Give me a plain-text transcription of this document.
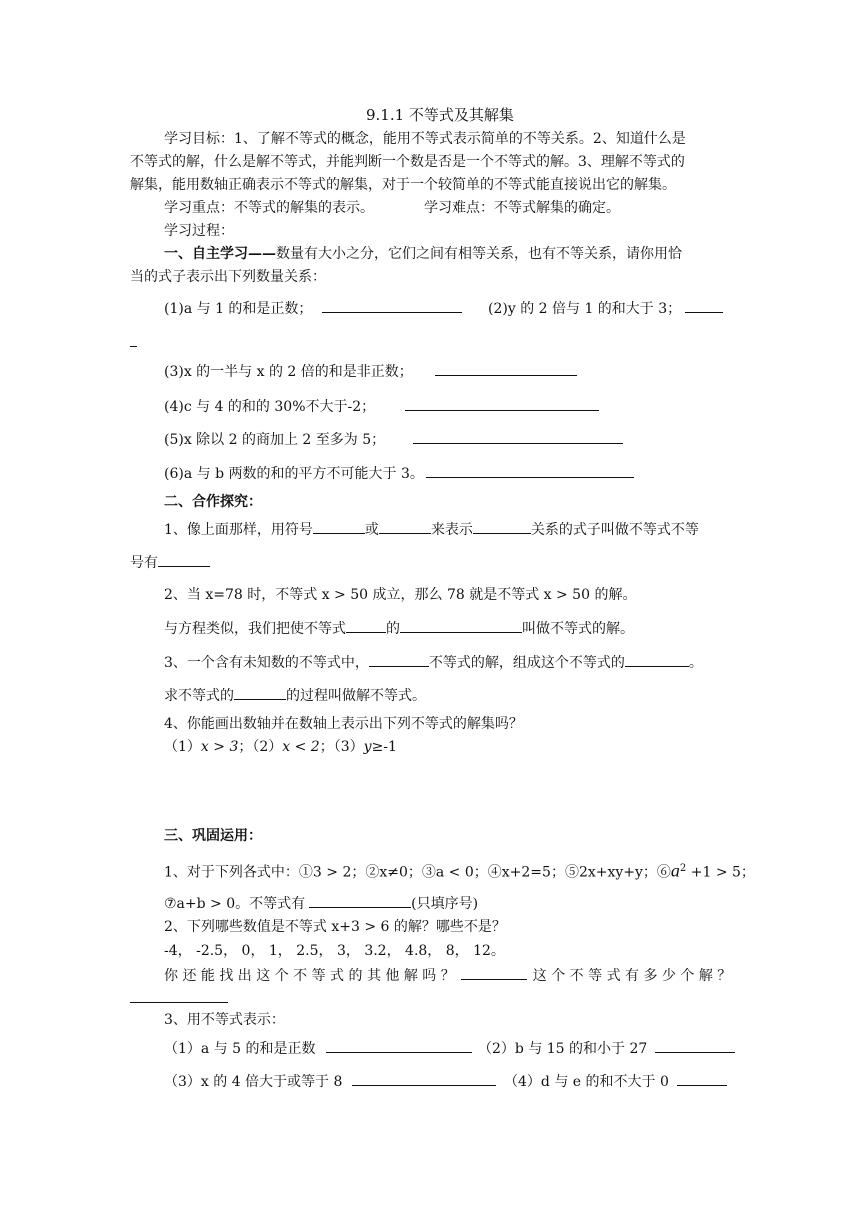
9.1.1 不等式及其解集
学习目标：1、了解不等式的概念，能用不等式表示简单的不等关系。2、知道什么是
不等式的解，什么是解不等式，并能判断一个数是否是一个不等式的解。3、理解不等式的
解集，能用数轴正确表示不等式的解集，对于一个较简单的不等式能直接说出它的解集。
学习重点：不等式的解集的表示。	学习难点：不等式解集的确定。
学习过程：
一、自主学习——数量有大小之分，它们之间有相等关系，也有不等关系，请你用恰
当的式子表示出下列数量关系：
(1)a 与 1 的和是正数；	(2)y 的 2 倍与 1 的和大于 3；
(3)x 的一半与 x 的 2 倍的和是非正数；
(4)c 与 4 的和的 30%不大于-2；
(5)x 除以 2 的商加上 2 至多为 5；
(6)a 与 b 两数的和的平方不可能大于 3。
二、合作探究：
1、像上面那样，用符号	或	来表示	关系的式子叫做不等式不等
号有
2、当 x=78 时，不等式 x > 50 成立，那么 78 就是不等式 x > 50 的解。
与方程类似，我们把使不等式	的	叫做不等式的解。
3、一个含有未知数的不等式中，	不等式的解，组成这个不等式的	。
求不等式的	的过程叫做解不等式。
4、你能画出数轴并在数轴上表示出下列不等式的解集吗？
（1）x > 3；（2）x < 2；（3）y≥-1
三、巩固运用：
1、对于下列各式中：①3 > 2；②x≠0；③a < 0；④x+2=5；⑤2x+xy+y；$⑥a^2 +1 > 5$；
⑦a+b > 0。不等式有	(只填序号)
2、下列哪些数值是不等式 x+3 > 6 的解？哪些不是？
-4， -2.5， 0， 1， 2.5， 3， 3.2， 4.8， 8， 12。
你 还 能 找 出 这 个 不 等 式 的 其 他 解 吗 ？	这 个 不 等 式 有 多 少 个 解 ？
3、用不等式表示：
（1）a 与 5 的和是正数	（2）b 与 15 的和小于 27
（3）x 的 4 倍大于或等于 8	（4）d 与 e 的和不大于 0
